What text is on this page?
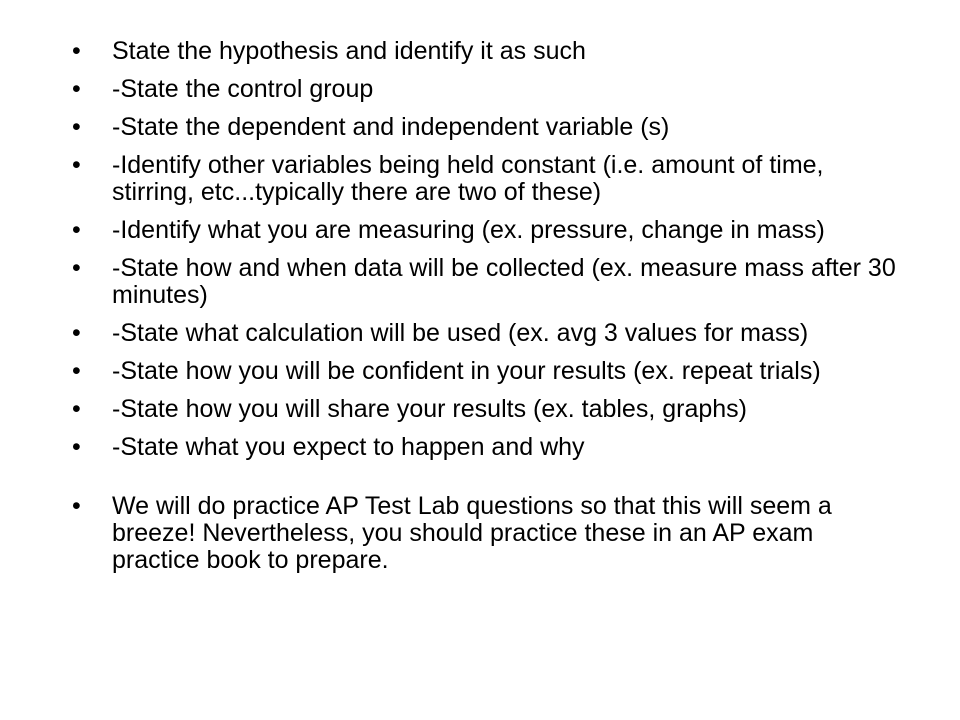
•	State the hypothesis and identify it as such
•	-State the control group
•	-State the dependent and independent variable (s)
•	-Identify other variables being held constant (i.e. amount of time, stirring, etc...typically there are two of these)
•	-Identify what you are measuring (ex. pressure, change in mass)
•	-State how and when data will be collected (ex. measure mass after 30 minutes)
•	-State what calculation will be used (ex. avg 3 values for mass)
•	-State how you will be confident in your results (ex. repeat trials)
•	-State how you will share your results (ex. tables, graphs)
•	-State what you expect to happen and why
•	We will do practice AP Test Lab questions so that this will seem a breeze! Nevertheless, you should practice these in an AP exam practice book to prepare.
